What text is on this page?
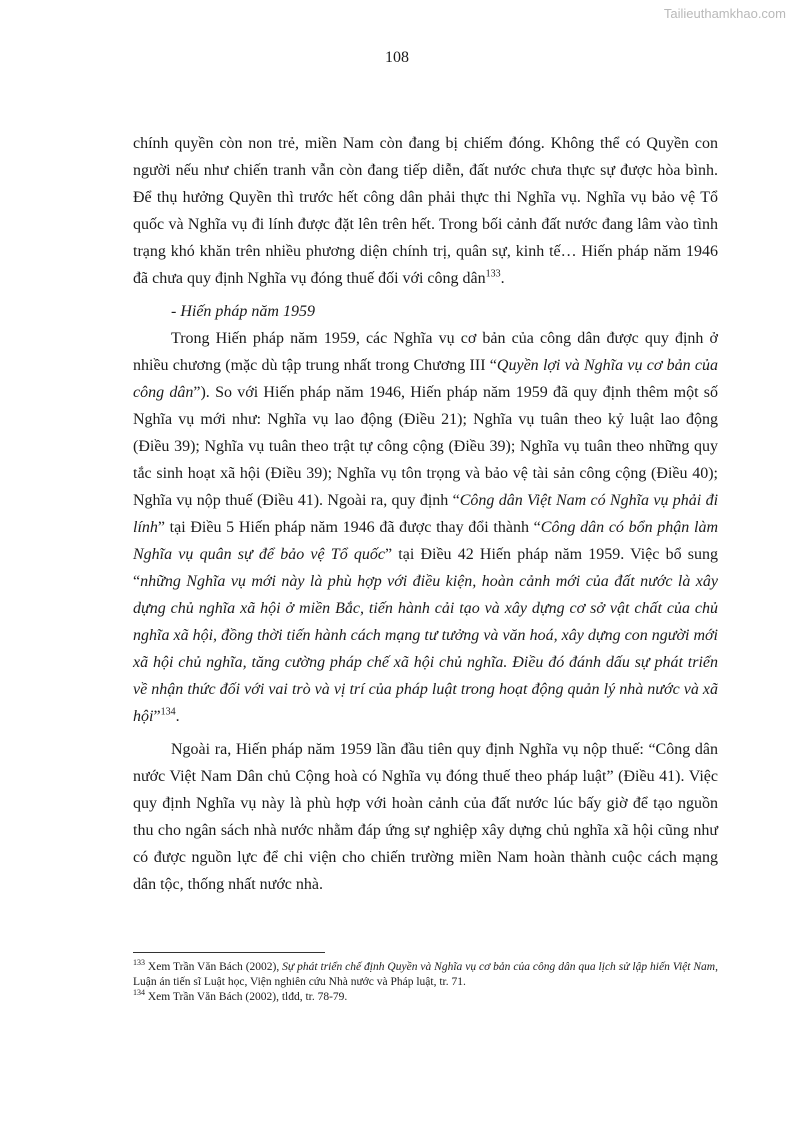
Tailieuthamkhao.com
108

chính quyền còn non trẻ, miền Nam còn đang bị chiếm đóng. Không thể có Quyền con người nếu như chiến tranh vẫn còn đang tiếp diễn, đất nước chưa thực sự được hòa bình. Để thụ hưởng Quyền thì trước hết công dân phải thực thi Nghĩa vụ. Nghĩa vụ bảo vệ Tổ quốc và Nghĩa vụ đi lính được đặt lên trên hết. Trong bối cảnh đất nước đang lâm vào tình trạng khó khăn trên nhiều phương diện chính trị, quân sự, kinh tế… Hiến pháp năm 1946 đã chưa quy định Nghĩa vụ đóng thuế đối với công dân$^{133}$.

- Hiến pháp năm 1959

Trong Hiến pháp năm 1959, các Nghĩa vụ cơ bản của công dân được quy định ở nhiều chương (mặc dù tập trung nhất trong Chương III “Quyền lợi và Nghĩa vụ cơ bản của công dân”). So với Hiến pháp năm 1946, Hiến pháp năm 1959 đã quy định thêm một số Nghĩa vụ mới như: Nghĩa vụ lao động (Điều 21); Nghĩa vụ tuân theo kỷ luật lao động (Điều 39); Nghĩa vụ tuân theo trật tự công cộng (Điều 39); Nghĩa vụ tuân theo những quy tắc sinh hoạt xã hội (Điều 39); Nghĩa vụ tôn trọng và bảo vệ tài sản công cộng (Điều 40); Nghĩa vụ nộp thuế (Điều 41). Ngoài ra, quy định “Công dân Việt Nam có Nghĩa vụ phải đi lính” tại Điều 5 Hiến pháp năm 1946 đã được thay đổi thành “Công dân có bổn phận làm Nghĩa vụ quân sự để bảo vệ Tổ quốc” tại Điều 42 Hiến pháp năm 1959. Việc bổ sung “những Nghĩa vụ mới này là phù hợp với điều kiện, hoàn cảnh mới của đất nước là xây dựng chủ nghĩa xã hội ở miền Bắc, tiến hành cải tạo và xây dựng cơ sở vật chất của chủ nghĩa xã hội, đồng thời tiến hành cách mạng tư tưởng và văn hoá, xây dựng con người mới xã hội chủ nghĩa, tăng cường pháp chế xã hội chủ nghĩa. Điều đó đánh dấu sự phát triển về nhận thức đối với vai trò và vị trí của pháp luật trong hoạt động quản lý nhà nước và xã hội”$^{134}$.

Ngoài ra, Hiến pháp năm 1959 lần đầu tiên quy định Nghĩa vụ nộp thuế: “Công dân nước Việt Nam Dân chủ Cộng hoà có Nghĩa vụ đóng thuế theo pháp luật” (Điều 41). Việc quy định Nghĩa vụ này là phù hợp với hoàn cảnh của đất nước lúc bấy giờ để tạo nguồn thu cho ngân sách nhà nước nhằm đáp ứng sự nghiệp xây dựng chủ nghĩa xã hội cũng như có được nguồn lực để chi viện cho chiến trường miền Nam hoàn thành cuộc cách mạng dân tộc, thống nhất nước nhà.

$^{133}$ Xem Trần Văn Bách (2002), Sự phát triển chế định Quyền và Nghĩa vụ cơ bản của công dân qua lịch sử lập hiến Việt Nam, Luận án tiến sĩ Luật học, Viện nghiên cứu Nhà nước và Pháp luật, tr. 71.

$^{134}$ Xem Trần Văn Bách (2002), tlđd, tr. 78-79.
